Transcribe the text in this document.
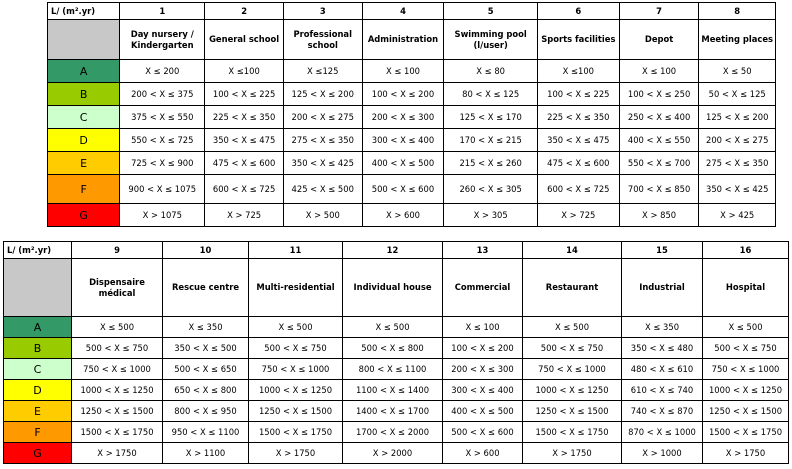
L/ (m².yr)	1	2	3	4	5	6	7	8
	Day nursery / Kindergarten	General school	Professional school	Administration	Swimming pool (l/user)	Sports facilities	Depot	Meeting places
A	X ≤ 200	X ≤100	X ≤125	X ≤ 100	X ≤ 80	X ≤100	X ≤ 100	X ≤ 50
B	200 < X ≤ 375	100 < X ≤ 225	125 < X ≤ 200	100 < X ≤ 200	80 < X ≤ 125	100 < X ≤ 225	100 < X ≤ 250	50 < X ≤ 125
C	375 < X ≤ 550	225 < X ≤ 350	200 < X ≤ 275	200 < X ≤ 300	125 < X ≤ 170	225 < X ≤ 350	250 < X ≤ 400	125 < X ≤ 200
D	550 < X ≤ 725	350 < X ≤ 475	275 < X ≤ 350	300 < X ≤ 400	170 < X ≤ 215	350 < X ≤ 475	400 < X ≤ 550	200 < X ≤ 275
E	725 < X ≤ 900	475 < X ≤ 600	350 < X ≤ 425	400 < X ≤ 500	215 < X ≤ 260	475 < X ≤ 600	550 < X ≤ 700	275 < X ≤ 350
F	900 < X ≤ 1075	600 < X ≤ 725	425 < X ≤ 500	500 < X ≤ 600	260 < X ≤ 305	600 < X ≤ 725	700 < X ≤ 850	350 < X ≤ 425
G	X > 1075	X > 725	X > 500	X > 600	X > 305	X > 725	X > 850	X > 425
L/ (m².yr)	9	10	11	12	13	14	15	16
	Dispensaire médical	Rescue centre	Multi-residential	Individual house	Commercial	Restaurant	Industrial	Hospital
A	X ≤ 500	X ≤ 350	X ≤ 500	X ≤ 500	X ≤ 100	X ≤ 500	X ≤ 350	X ≤ 500
B	500 < X ≤ 750	350 < X ≤ 500	500 < X ≤ 750	500 < X ≤ 800	100 < X ≤ 200	500 < X ≤ 750	350 < X ≤ 480	500 < X ≤ 750
C	750 < X ≤ 1000	500 < X ≤ 650	750 < X ≤ 1000	800 < X ≤ 1100	200 < X ≤ 300	750 < X ≤ 1000	480 < X ≤ 610	750 < X ≤ 1000
D	1000 < X ≤ 1250	650 < X ≤ 800	1000 < X ≤ 1250	1100 < X ≤ 1400	300 < X ≤ 400	1000 < X ≤ 1250	610 < X ≤ 740	1000 < X ≤ 1250
E	1250 < X ≤ 1500	800 < X ≤ 950	1250 < X ≤ 1500	1400 < X ≤ 1700	400 < X ≤ 500	1250 < X ≤ 1500	740 < X ≤ 870	1250 < X ≤ 1500
F	1500 < X ≤ 1750	950 < X ≤ 1100	1500 < X ≤ 1750	1700 < X ≤ 2000	500 < X ≤ 600	1500 < X ≤ 1750	870 < X ≤ 1000	1500 < X ≤ 1750
G	X > 1750	X > 1100	X > 1750	X > 2000	X > 600	X > 1750	X > 1000	X > 1750
